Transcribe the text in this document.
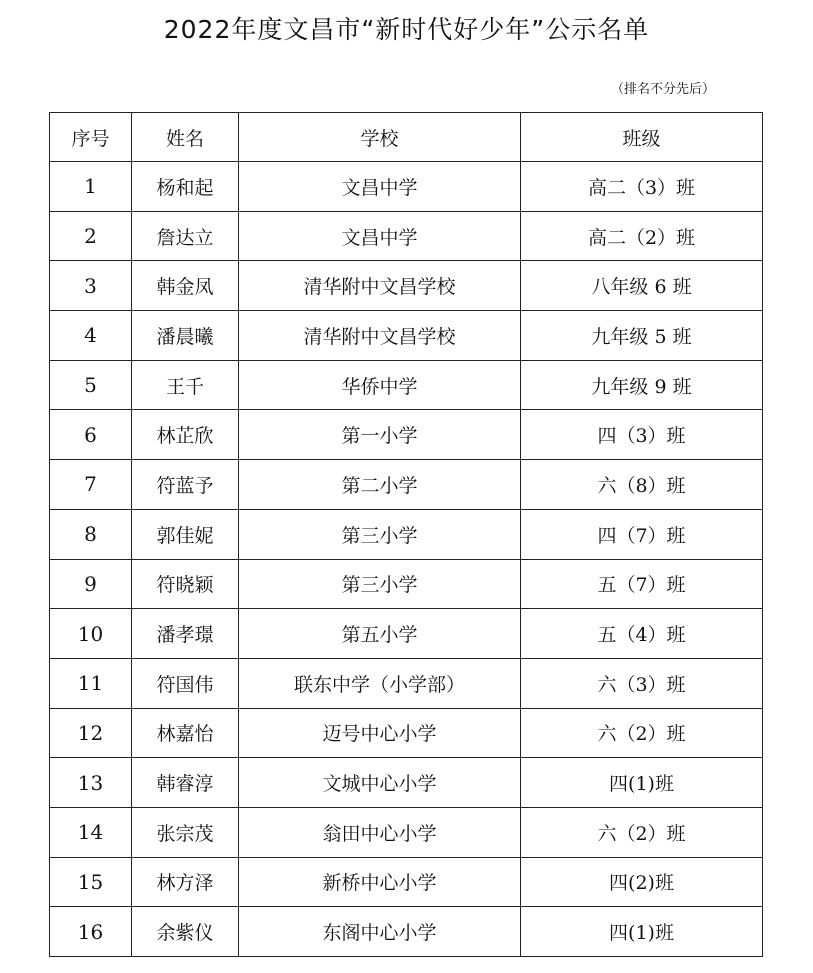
2022年度文昌市“新时代好少年”公示名单
（排名不分先后）
序号	姓名	学校	班级
1	杨和起	文昌中学	高二（3）班
2	詹达立	文昌中学	高二（2）班
3	韩金凤	清华附中文昌学校	八年级 6 班
4	潘晨曦	清华附中文昌学校	九年级 5 班
5	王千	华侨中学	九年级 9 班
6	林芷欣	第一小学	四（3）班
7	符蓝予	第二小学	六（8）班
8	郭佳妮	第三小学	四（7）班
9	符晓颖	第三小学	五（7）班
10	潘孝璟	第五小学	五（4）班
11	符国伟	联东中学（小学部）	六（3）班
12	林嘉怡	迈号中心小学	六（2）班
13	韩睿淳	文城中心小学	四(1)班
14	张宗茂	翁田中心小学	六（2）班
15	林方泽	新桥中心小学	四(2)班
16	余紫仪	东阁中心小学	四(1)班
